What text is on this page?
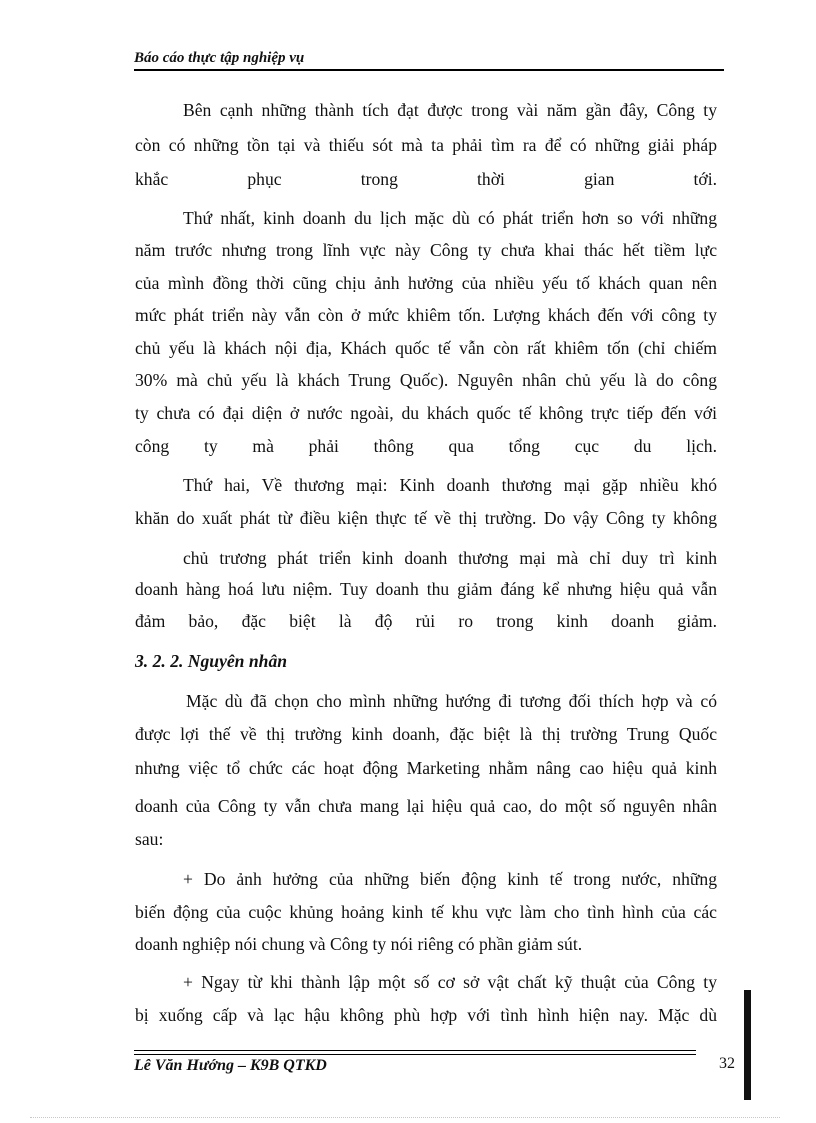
Báo cáo thực tập nghiệp vụ

Bên cạnh những thành tích đạt được trong vài năm gần đây, Công ty

còn có những tồn tại và thiếu sót mà ta phải tìm ra để có những giải pháp

khắc phục trong thời gian tới.

Thứ nhất, kinh doanh du lịch mặc dù có phát triển hơn so với những

năm trước nhưng trong lĩnh vực này Công ty chưa khai thác hết tiềm lực

của mình đồng thời cũng chịu ảnh hưởng của nhiều yếu tố khách quan nên

mức phát triển này vẫn còn ở mức khiêm tốn. Lượng khách đến với công ty

chủ yếu là khách nội địa, Khách quốc tế vẫn còn rất khiêm tốn (chỉ chiếm

30% mà chủ yếu là khách Trung Quốc). Nguyên nhân chủ yếu là do công

ty chưa có đại diện ở nước ngoài, du khách quốc tế không trực tiếp đến với

công ty mà phải thông qua tổng cục du lịch.

Thứ hai, Về thương mại: Kinh doanh thương mại gặp nhiều khó

khăn do xuất phát từ điều kiện thực tế về thị trường. Do vậy Công ty không

chủ trương phát triển kinh doanh thương mại mà chỉ duy trì kinh

doanh hàng hoá lưu niệm. Tuy doanh thu giảm đáng kể nhưng hiệu quả vẫn

đảm bảo, đặc biệt là độ rủi ro trong kinh doanh giảm.

3. 2. 2. Nguyên nhân

Mặc dù đã chọn cho mình những hướng đi tương đối thích hợp và có

được lợi thế về thị trường kinh doanh, đặc biệt là thị trường Trung Quốc

nhưng việc tổ chức các hoạt động Marketing nhằm nâng cao hiệu quả kinh

doanh của Công ty vẫn chưa mang lại hiệu quả cao, do một số nguyên nhân

sau:

+ Do ảnh hưởng của những biến động kinh tế trong nước, những

biến động của cuộc khủng hoảng kinh tế khu vực làm cho tình hình của các

doanh nghiệp nói chung và Công ty nói riêng có phần giảm sút.

+ Ngay từ khi thành lập một số cơ sở vật chất kỹ thuật của Công ty

bị xuống cấp và lạc hậu không phù hợp với tình hình hiện nay. Mặc dù

Lê Văn Hướng – K9B QTKD	32
